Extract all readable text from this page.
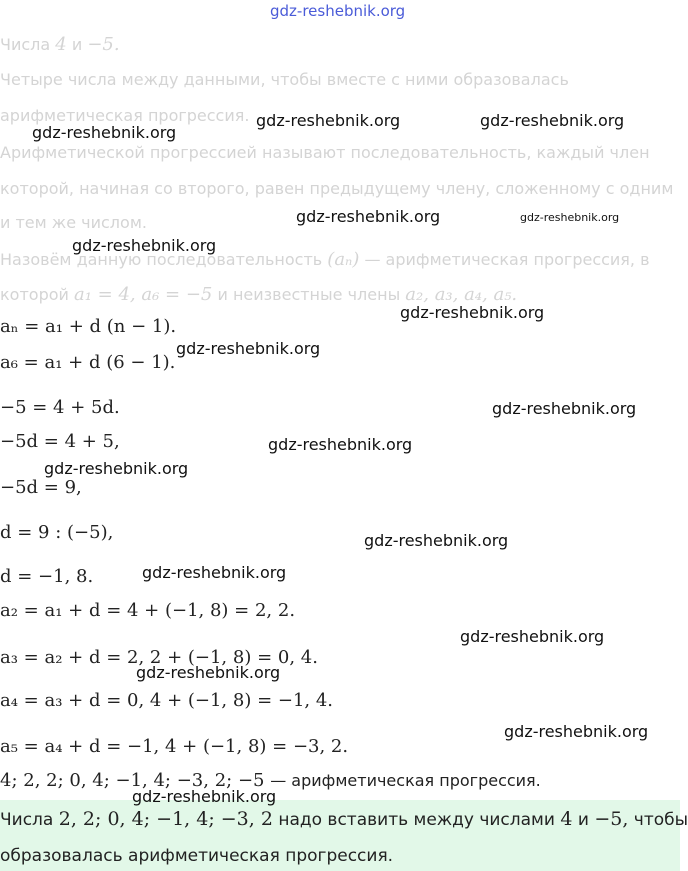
gdz-reshebnik.org

Числа 4 и −5.

Четыре числа между данными, чтобы вместе с ними образовалась

арифметическая прогрессия. gdz-reshebnik.org	gdz-reshebnik.org
gdz-reshebnik.org

Арифметической прогрессией называют последовательность, каждый член

которой, начиная со второго, равен предыдущему члену, сложенному с одним

и тем же числом.	gdz-reshebnik.org	gdz-reshebnik.org
gdz-reshebnik.org

Назовём данную последовательность (aₙ) — арифметическая прогрессия, в

которой a₁ = 4, a₆ = −5 и неизвестные члены a₂, a₃, a₄, a₅.

gdz-reshebnik.org

aₙ = a₁ + d (n − 1).

a₆ = a₁ + d (6 − 1).

gdz-reshebnik.org

−5 = 4 + 5d.	gdz-reshebnik.org

−5d = 4 + 5,	gdz-reshebnik.org
gdz-reshebnik.org

−5d = 9,

d = 9 : (−5),	gdz-reshebnik.org

d = −1, 8.	gdz-reshebnik.org

a₂ = a₁ + d = 4 + (−1, 8) = 2, 2.

gdz-reshebnik.org

a₃ = a₂ + d = 2, 2 + (−1, 8) = 0, 4.

gdz-reshebnik.org

a₄ = a₃ + d = 0, 4 + (−1, 8) = −1, 4.

a₅ = a₄ + d = −1, 4 + (−1, 8) = −3, 2.

gdz-reshebnik.org

4; 2, 2; 0, 4; −1, 4; −3, 2; −5 — арифметическая прогрессия.

Числа 2, 2; 0, 4; −1, 4; −3, 2 надо вставить между числами 4 и −5, чтобы

образовалась арифметическая прогрессия.

gdz-reshebnik.org
